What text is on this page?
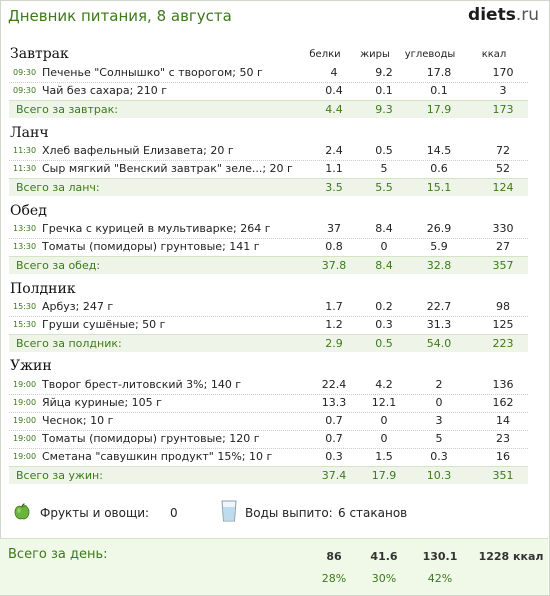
Дневник питания, 8 августа	diets.ru
белки	жиры	углеводы	ккал
Завтрак
09:30 Печенье "Солнышко" с творогом; 50 г	4	9.2	17.8	170
09:30 Чай без сахара; 210 г	0.4	0.1	0.1	3
Всего за завтрак:	4.4	9.3	17.9	173
Ланч
11:30 Хлеб вафельный Елизавета; 20 г	2.4	0.5	14.5	72
11:30 Сыр мягкий "Венский завтрак" зеле...; 20 г	1.1	5	0.6	52
Всего за ланч:	3.5	5.5	15.1	124
Обед
13:30 Гречка с курицей в мультиварке; 264 г	37	8.4	26.9	330
13:30 Томаты (помидоры) грунтовые; 141 г	0.8	0	5.9	27
Всего за обед:	37.8	8.4	32.8	357
Полдник
15:30 Арбуз; 247 г	1.7	0.2	22.7	98
15:30 Груши сушёные; 50 г	1.2	0.3	31.3	125
Всего за полдник:	2.9	0.5	54.0	223
Ужин
19:00 Творог брест-литовский 3%; 140 г	22.4	4.2	2	136
19:00 Яйца куриные; 105 г	13.3	12.1	0	162
19:00 Чеснок; 10 г	0.7	0	3	14
19:00 Томаты (помидоры) грунтовые; 120 г	0.7	0	5	23
19:00 Сметана "савушкин продукт" 15%; 10 г	0.3	1.5	0.3	16
Всего за ужин:	37.4	17.9	10.3	351
Фрукты и овощи: 0	Воды выпито: 6 стаканов
Всего за день:	86	41.6	130.1	1228 ккал
28%	30%	42%
